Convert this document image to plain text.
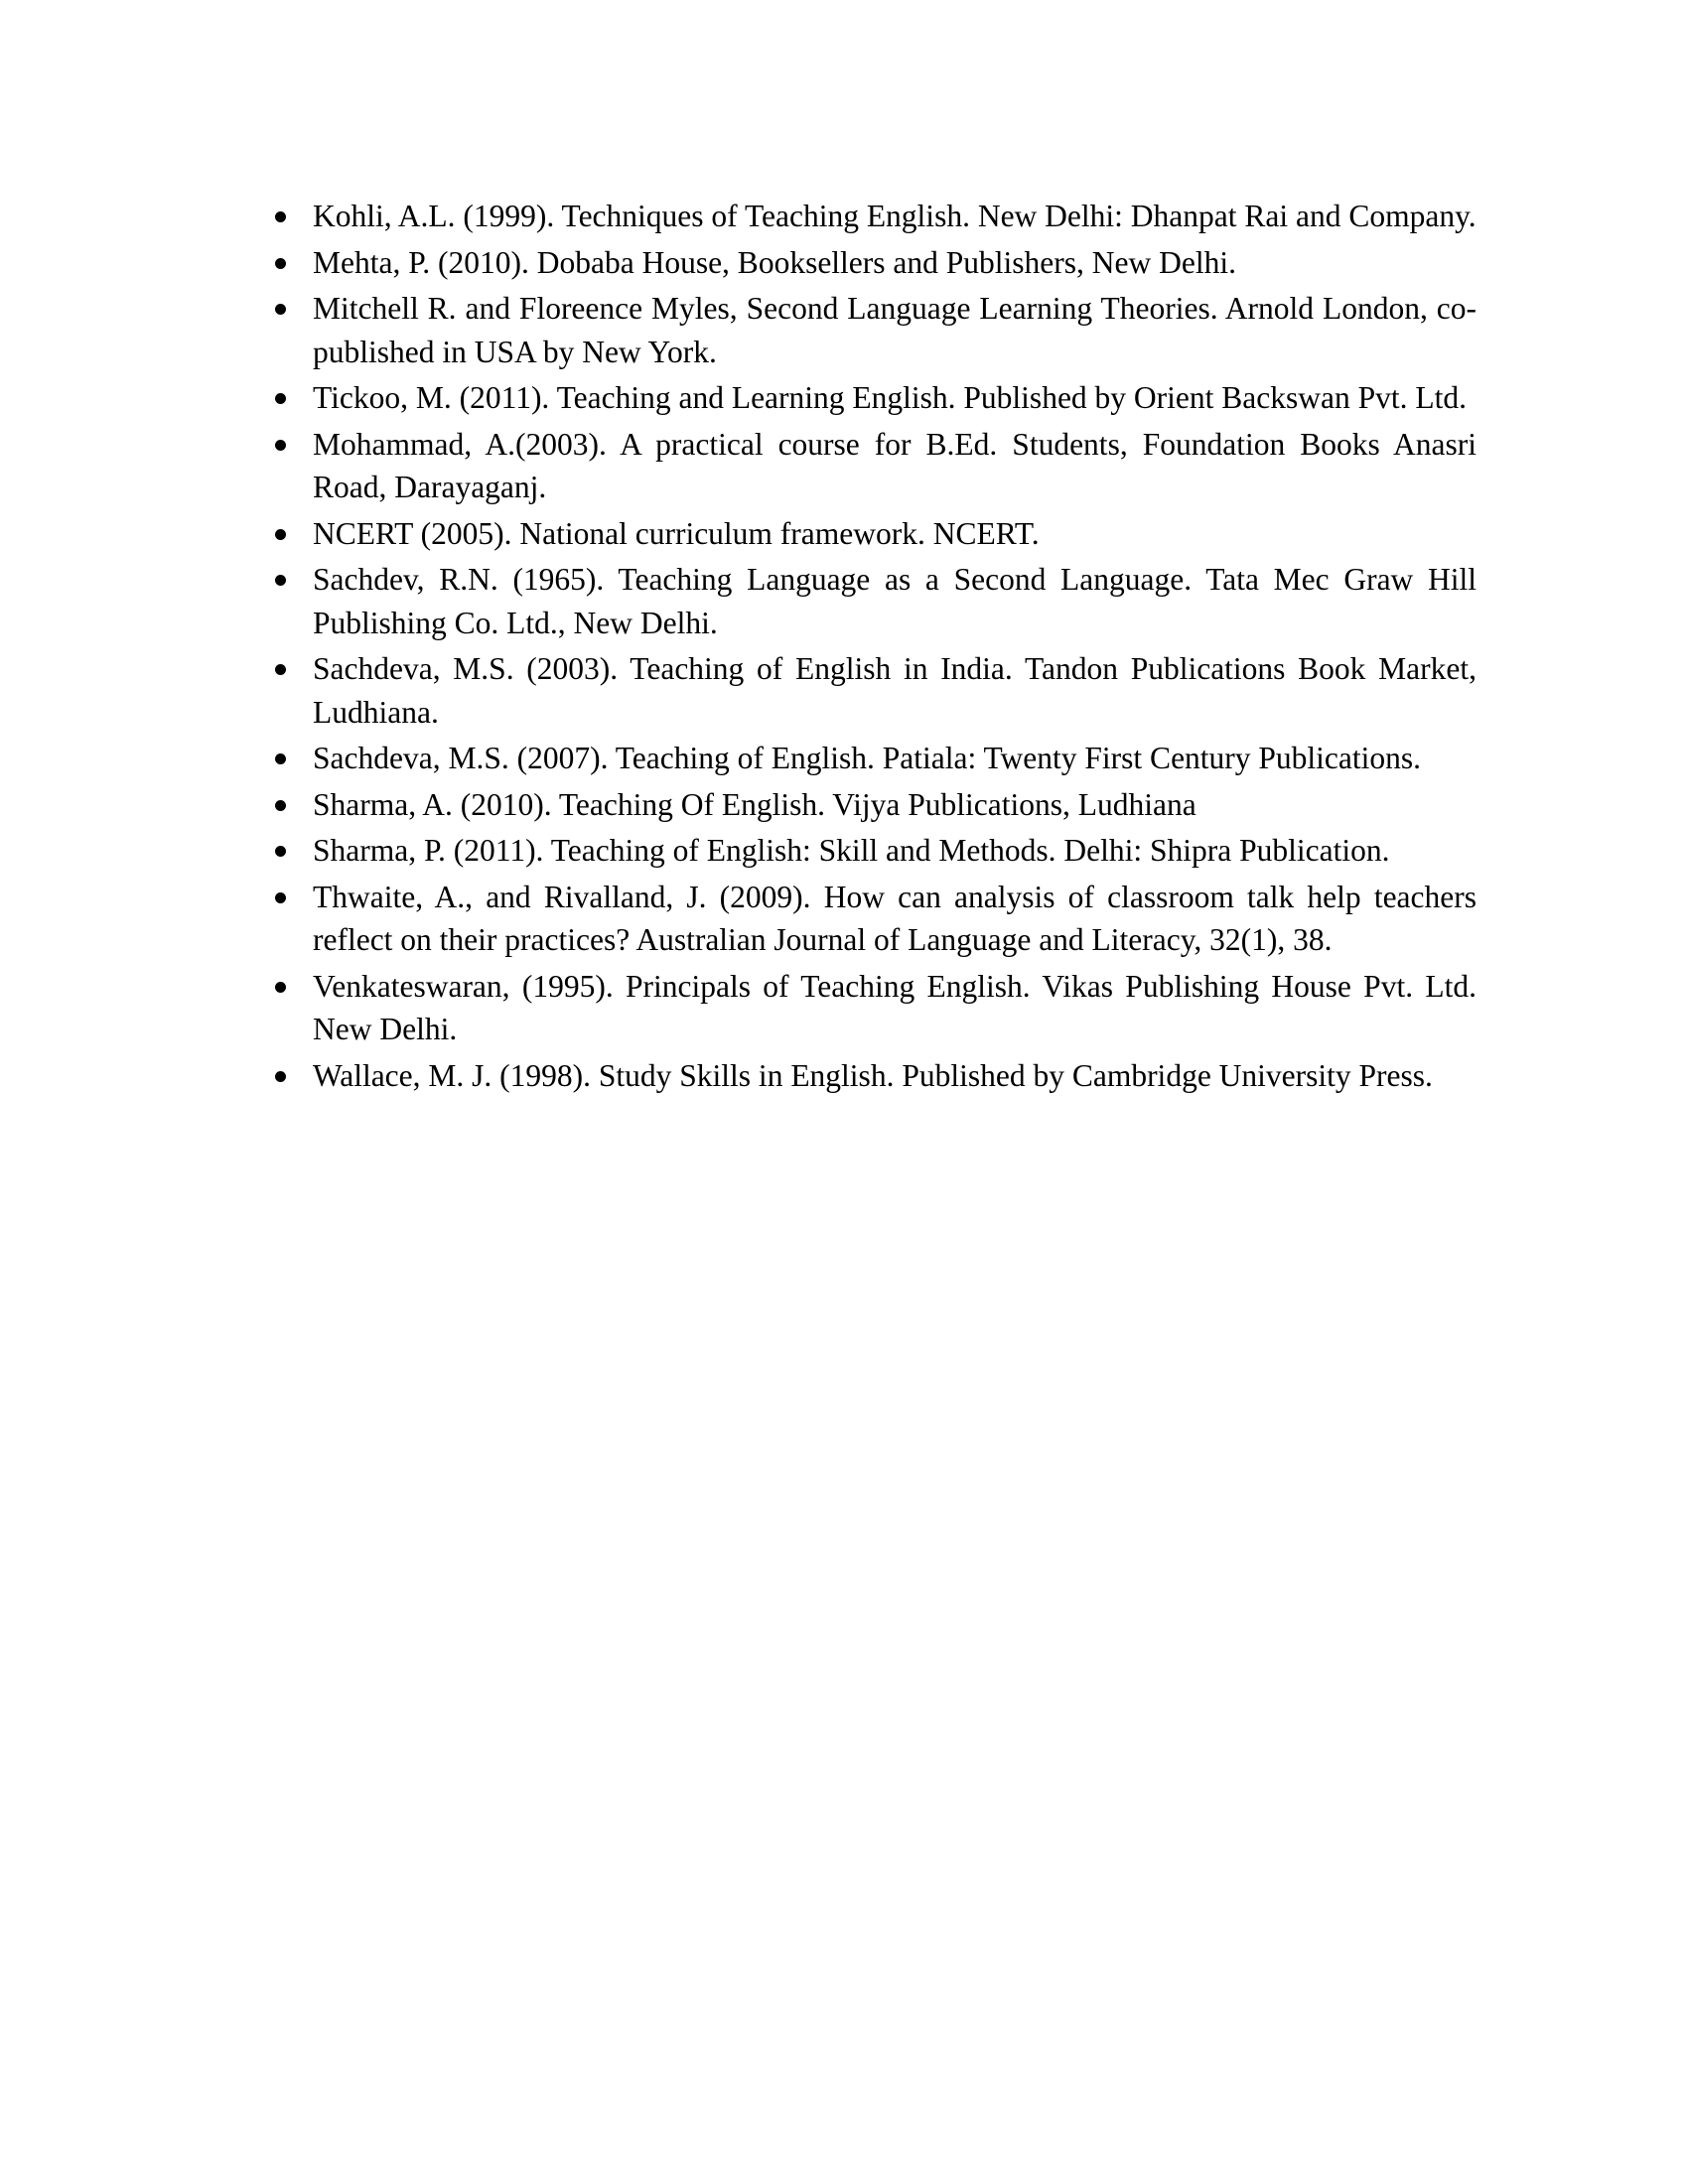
Kohli, A.L. (1999). Techniques of Teaching English. New Delhi: Dhanpat Rai and Company.
Mehta, P. (2010). Dobaba House, Booksellers and Publishers, New Delhi.
Mitchell R. and Floreence Myles, Second Language Learning Theories. Arnold London, co-published in USA by New York.
Tickoo, M. (2011). Teaching and Learning English. Published by Orient Backswan Pvt. Ltd.
Mohammad, A.(2003). A practical course for B.Ed. Students, Foundation Books Anasri Road, Darayaganj.
NCERT (2005). National curriculum framework. NCERT.
Sachdev, R.N. (1965). Teaching Language as a Second Language. Tata Mec Graw Hill Publishing Co. Ltd., New Delhi.
Sachdeva, M.S. (2003). Teaching of English in India. Tandon Publications Book Market, Ludhiana.
Sachdeva, M.S. (2007). Teaching of English. Patiala: Twenty First Century Publications.
Sharma, A. (2010). Teaching Of English. Vijya Publications, Ludhiana
Sharma, P. (2011). Teaching of English: Skill and Methods. Delhi: Shipra Publication.
Thwaite, A., and Rivalland, J. (2009). How can analysis of classroom talk help teachers reflect on their practices? Australian Journal of Language and Literacy, 32(1), 38.
Venkateswaran, (1995). Principals of Teaching English. Vikas Publishing House Pvt. Ltd. New Delhi.
Wallace, M. J. (1998). Study Skills in English. Published by Cambridge University Press.
